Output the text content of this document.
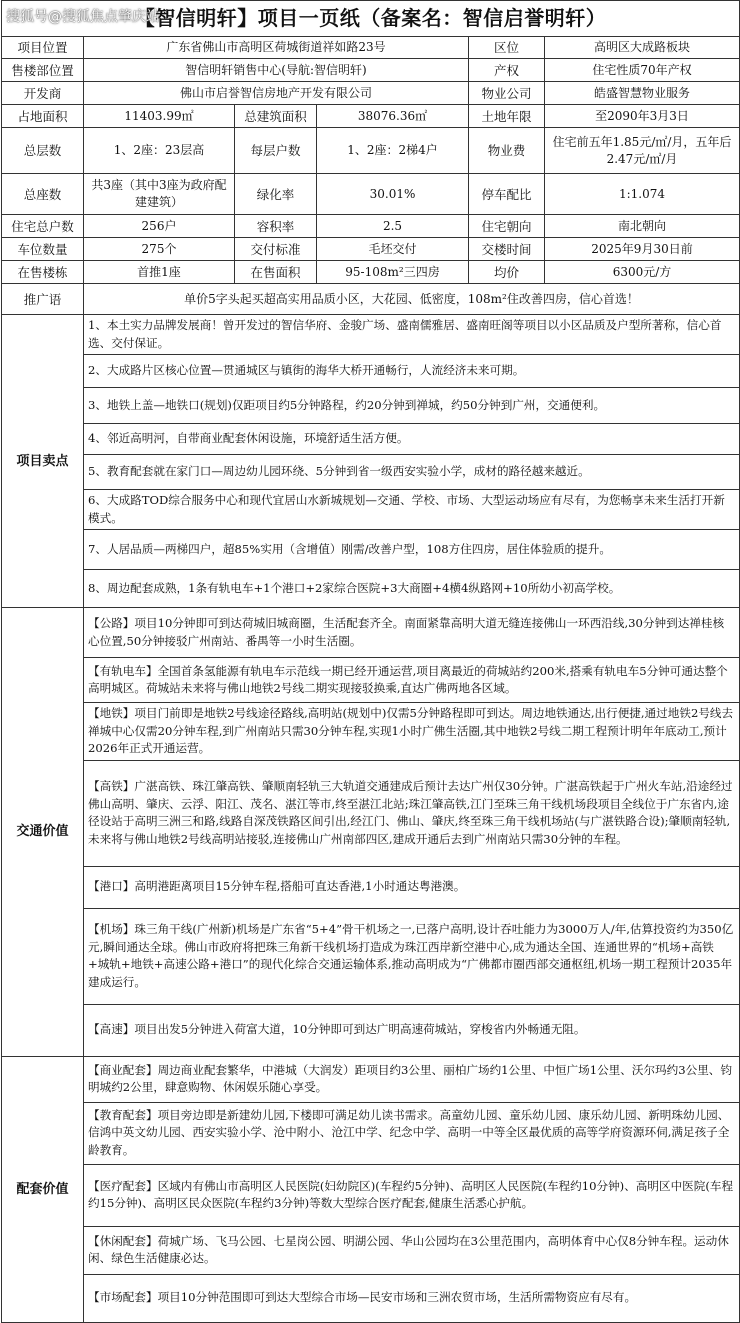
搜狐号@搜狐焦点肇庆站
【智信明轩】项目一页纸（备案名：智信启誉明轩）					
项目位置	广东省佛山市高明区荷城街道祥如路23号			区位	高明区大成路板块
售楼部位置	智信明轩销售中心(导航:智信明轩)			产权	住宅性质70年产权
开发商	佛山市启誉智信房地产开发有限公司			物业公司	皓盛智慧物业服务
占地面积	11403.99㎡	总建筑面积	38076.36㎡	土地年限	至2090年3月3日
总层数	1、2座：23层高	每层户数	1、2座：2梯4户	物业费	住宅前五年1.85元/㎡/月，五年后2.47元/㎡/月
总座数	共3座（其中3座为政府配建建筑）	绿化率	30.01%	停车配比	1:1.074
住宅总户数	256户	容积率	2.5	住宅朝向	南北朝向
车位数量	275个	交付标准	毛坯交付	交楼时间	2025年9月30日前
在售楼栋	首推1座	在售面积	95-108m²三四房	均价	6300元/方
推广语	单价5字头起买超高实用品质小区，大花园、低密度，108m²住改善四房，信心首选！				
项目卖点	1、本土实力品牌发展商！曾开发过的智信华府、金骏广场、盛南儒雅居、盛南旺阁等项目以小区品质及户型所著称，信心首选、交付保证。				
	2、大成路片区核心位置—贯通城区与镇街的海华大桥开通畅行，人流经济未来可期。				
	3、地铁上盖—地铁口(规划)仅距项目约5分钟路程，约20分钟到禅城，约50分钟到广州，交通便利。				
	4、邻近高明河，自带商业配套休闲设施，环境舒适生活方便。				
	5、教育配套就在家门口—周边幼儿园环绕、5分钟到省一级西安实验小学，成材的路径越来越近。				
	6、大成路TOD综合服务中心和现代宜居山水新城规划—交通、学校、市场、大型运动场应有尽有，为您畅享未来生活打开新模式。				
	7、人居品质—两梯四户，超85%实用（含增值）刚需/改善户型，108方住四房，居住体验质的提升。				
	8、周边配套成熟，1条有轨电车+1个港口+2家综合医院+3大商圈+4横4纵路网+10所幼小初高学校。				
交通价值	【公路】项目10分钟即可到达荷城旧城商圈，生活配套齐全。南面紧靠高明大道无缝连接佛山一环西沿线,30分钟到达禅桂核心位置,50分钟接驳广州南站、番禺等一小时生活圈。				
	【有轨电车】全国首条氢能源有轨电车示范线一期已经开通运营,项目离最近的荷城站约200米,搭乘有轨电车5分钟可通达整个高明城区。荷城站未来将与佛山地铁2号线二期实现接驳换乘,直达广佛两地各区域。				
	【地铁】项目门前即是地铁2号线途径路线,高明站(规划中)仅需5分钟路程即可到达。周边地铁通达,出行便捷,通过地铁2号线去禅城中心仅需20分钟车程,到广州南站只需30分钟车程,实现1小时广佛生活圈,其中地铁2号线二期工程预计明年年底动工,预计2026年正式开通运营。				
	【高铁】广湛高铁、珠江肇高铁、肇顺南轻轨三大轨道交通建成后预计去达广州仅30分钟。广湛高铁起于广州火车站,沿途经过佛山高明、肇庆、云浮、阳江、茂名、湛江等市,终至湛江北站;珠江肇高铁,江门至珠三角干线机场段项目全线位于广东省内,途径设站于高明三洲三和路,线路自深茂铁路区间引出,经江门、佛山、肇庆,终至珠三角干线机场站(与广湛铁路合设);肇顺南轻轨,未来将与佛山地铁2号线高明站接驳,连接佛山广州南部四区,建成开通后去到广州南站只需30分钟的车程。				
	【港口】高明港距离项目15分钟车程,搭船可直达香港,1小时通达粤港澳。				
	【机场】珠三角干线(广州新)机场是广东省“5+4”骨干机场之一,已落户高明,设计吞吐能力为3000万人/年,估算投资约为350亿元,瞬间通达全球。佛山市政府将把珠三角新干线机场打造成为珠江西岸新空港中心,成为通达全国、连通世界的“机场+高铁+城轨+地铁+高速公路+港口”的现代化综合交通运输体系,推动高明成为“广佛都市圈西部交通枢纽,机场一期工程预计2035年建成运行。				
	【高速】项目出发5分钟进入荷富大道，10分钟即可到达广明高速荷城站，穿梭省内外畅通无阻。				
配套价值	【商业配套】周边商业配套繁华，中港城（大润发）距项目约3公里、丽柏广场约1公里、中恒广场1公里、沃尔玛约3公里、钧明城约2公里，肆意购物、休闲娱乐随心享受。				
	【教育配套】项目旁边即是新建幼儿园,下楼即可满足幼儿读书需求。高童幼儿园、童乐幼儿园、康乐幼儿园、新明珠幼儿园、信鸿中英文幼儿园、西安实验小学、沧中附小、沧江中学、纪念中学、高明一中等全区最优质的高等学府资源环伺,满足孩子全龄教育。				
	【医疗配套】区域内有佛山市高明区人民医院(妇幼院区)(车程约5分钟)、高明区人民医院(车程约10分钟)、高明区中医院(车程约15分钟)、高明区民众医院(车程约3分钟)等数大型综合医疗配套,健康生活悉心护航。				
	【休闲配套】荷城广场、飞马公园、七星岗公园、明湖公园、华山公园均在3公里范围内，高明体育中心仅8分钟车程。运动休闲、绿色生活健康必达。				
	【市场配套】项目10分钟范围即可到达大型综合市场—民安市场和三洲农贸市场，生活所需物资应有尽有。				
